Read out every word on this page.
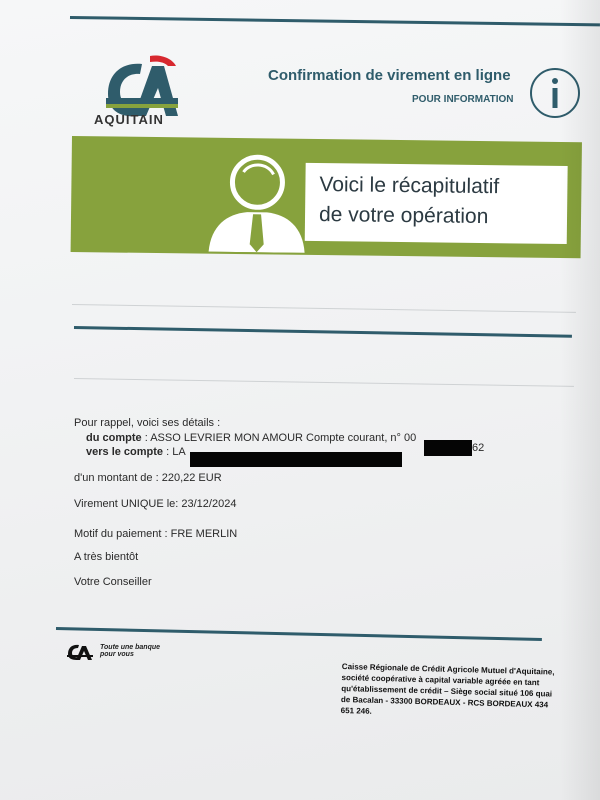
AQUITAIN
Confirmation de virement en ligne
POUR INFORMATION
Voici le récapitulatif
de votre opération
Pour rappel, voici ses détails :
du compte : ASSO LEVRIER MON AMOUR Compte courant, n° 00
62
vers le compte : LA
d'un montant de : 220,22 EUR
Virement UNIQUE le: 23/12/2024
Motif du paiement : FRE MERLIN
A très bientôt
Votre Conseiller
Toute une banque
pour vous
Caisse Régionale de Crédit Agricole Mutuel d'Aquitaine, société coopérative à capital variable agréée en tant qu'établissement de crédit – Siège social situé 106 quai de Bacalan - 33300 BORDEAUX - RCS BORDEAUX 434 651 246.
